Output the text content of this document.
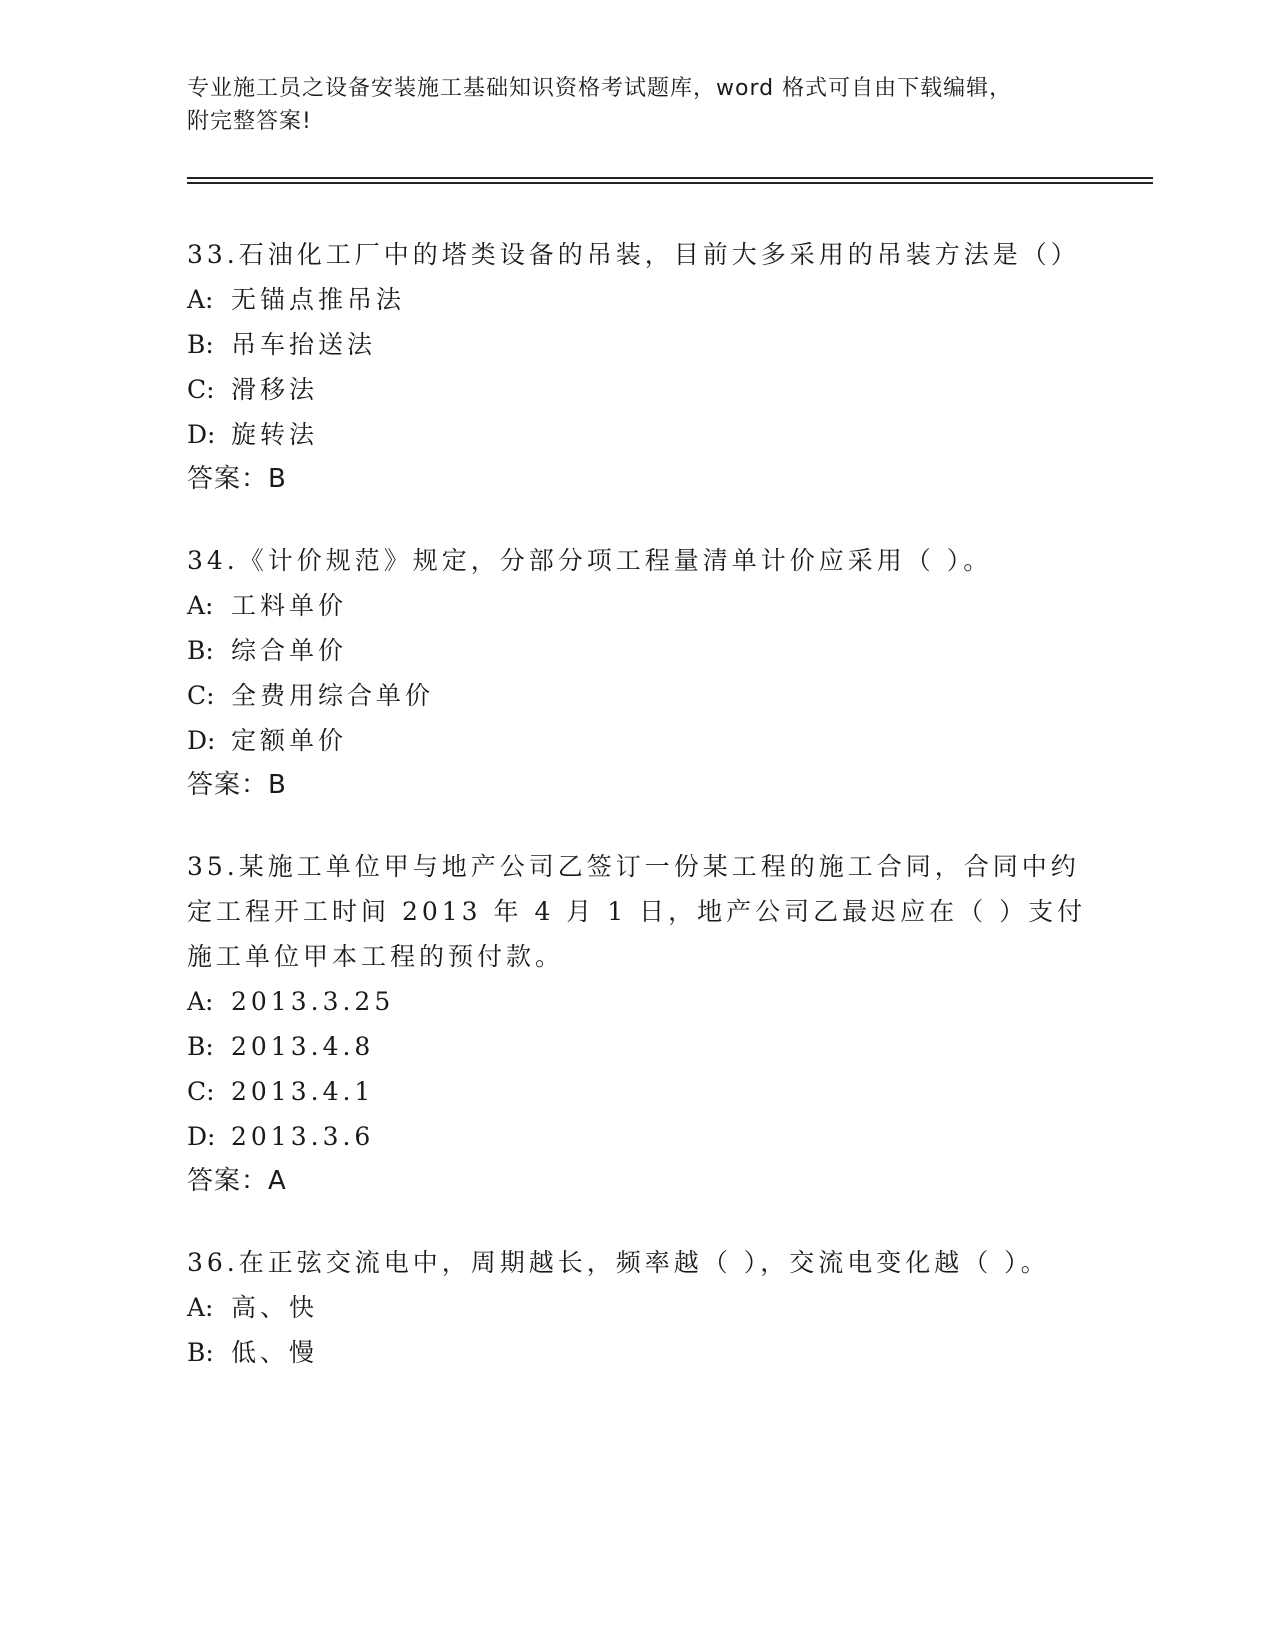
专业施工员之设备安装施工基础知识资格考试题库，word 格式可自由下载编辑，
附完整答案!

33.石油化工厂中的塔类设备的吊装，目前大多采用的吊装方法是（）

A: 无锚点推吊法

B: 吊车抬送法

C: 滑移法

D: 旋转法

答案：B

34.《计价规范》规定，分部分项工程量清单计价应采用（ ）。

A: 工料单价

B: 综合单价

C: 全费用综合单价

D: 定额单价

答案：B

35.某施工单位甲与地产公司乙签订一份某工程的施工合同，合同中约定工程开工时间 2013 年 4 月 1 日，地产公司乙最迟应在（ ）支付施工单位甲本工程的预付款。

A: 2013.3.25

B: 2013.4.8

C: 2013.4.1

D: 2013.3.6

答案：A

36.在正弦交流电中，周期越长，频率越（ ），交流电变化越（ ）。

A: 高、快

B: 低、慢
